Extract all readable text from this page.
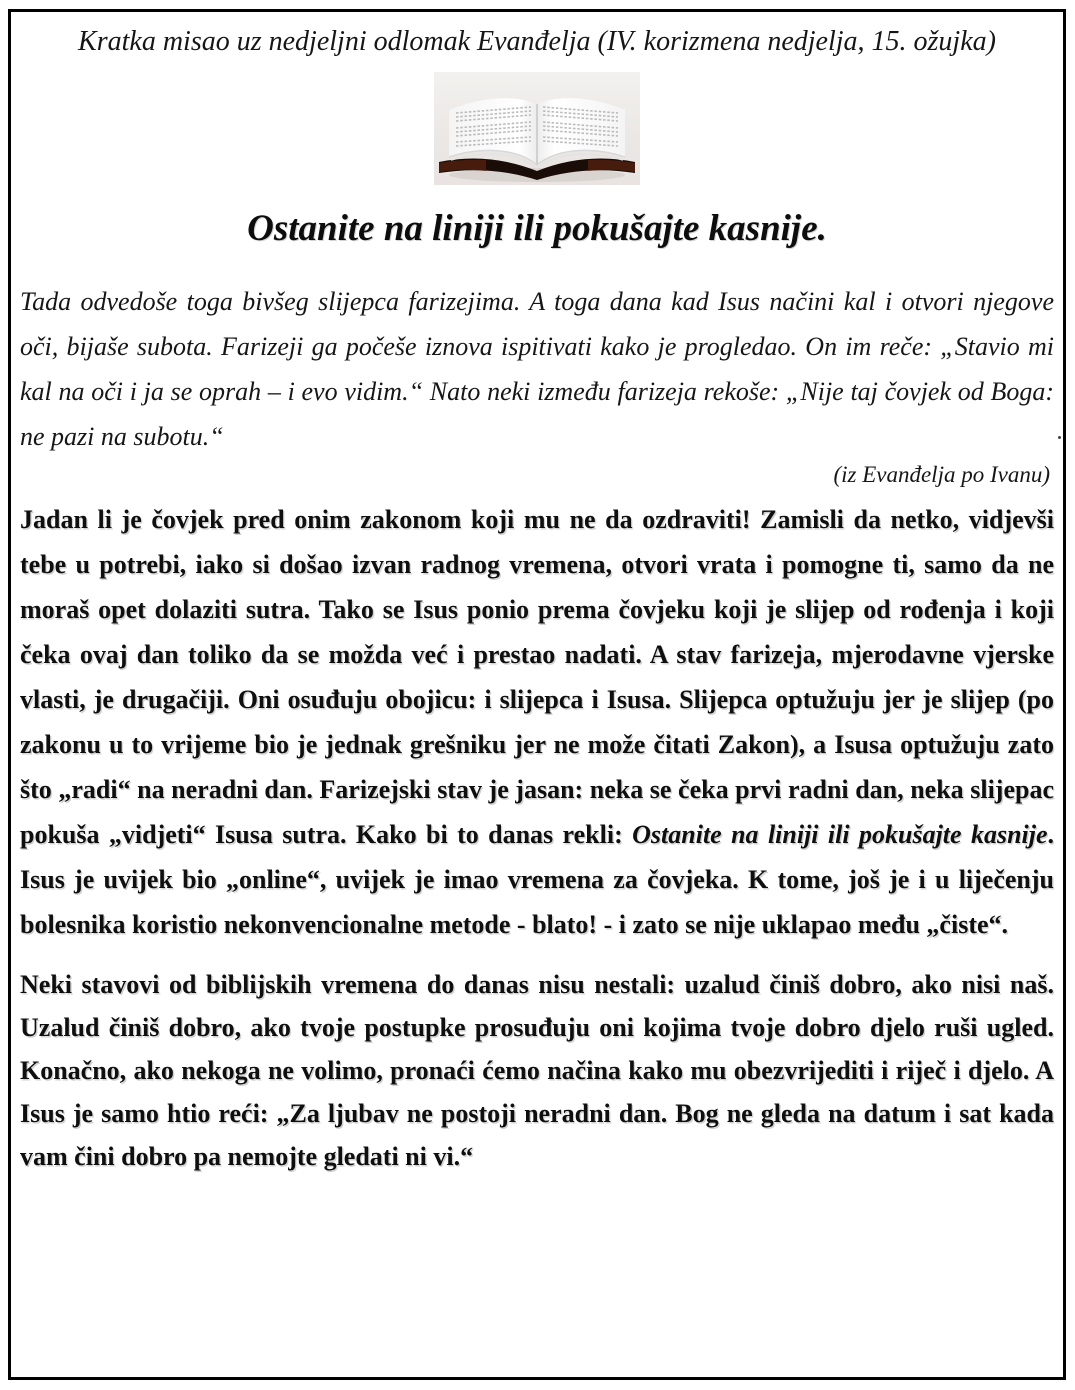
Kratka misao uz nedjeljni odlomak Evanđelja (IV. korizmena nedjelja, 15. ožujka)
Ostanite na liniji ili pokušajte kasnije.
Tada odvedoše toga bivšeg slijepca farizejima. A toga dana kad Isus načini kal i otvori njegove oči, bijaše subota. Farizeji ga počeše iznova ispitivati kako je progledao. On im reče: „Stavio mi kal na oči i ja se oprah – i evo vidim.“ Nato neki između farizeja rekoše: „Nije taj čovjek od Boga: ne pazi na subotu.“
(iz Evanđelja po Ivanu)
Jadan li je čovjek pred onim zakonom koji mu ne da ozdraviti! Zamisli da netko, vidjevši tebe u potrebi, iako si došao izvan radnog vremena, otvori vrata i pomogne ti, samo da ne moraš opet dolaziti sutra. Tako se Isus ponio prema čovjeku koji je slijep od rođenja i koji čeka ovaj dan toliko da se možda već i prestao nadati. A stav farizeja, mjerodavne vjerske vlasti, je drugačiji. Oni osuđuju obojicu: i slijepca i Isusa. Slijepca optužuju jer je slijep (po zakonu u to vrijeme bio je jednak grešniku jer ne može čitati Zakon), a Isusa optužuju zato što „radi“ na neradni dan. Farizejski stav je jasan: neka se čeka prvi radni dan, neka slijepac pokuša „vidjeti“ Isusa sutra. Kako bi to danas rekli: Ostanite na liniji ili pokušajte kasnije. Isus je uvijek bio „online“, uvijek je imao vremena za čovjeka. K tome, još je i u liječenju bolesnika koristio nekonvencionalne metode - blato! - i zato se nije uklapao među „čiste“.
Neki stavovi od biblijskih vremena do danas nisu nestali: uzalud činiš dobro, ako nisi naš. Uzalud činiš dobro, ako tvoje postupke prosuđuju oni kojima tvoje dobro djelo ruši ugled. Konačno, ako nekoga ne volimo, pronaći ćemo načina kako mu obezvrijediti i riječ i djelo. A Isus je samo htio reći: „Za ljubav ne postoji neradni dan. Bog ne gleda na datum i sat kada vam čini dobro pa nemojte gledati ni vi.“
